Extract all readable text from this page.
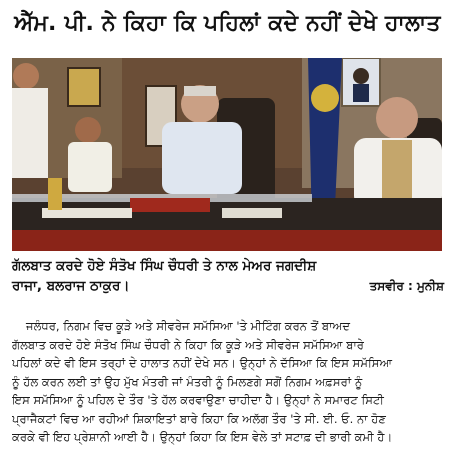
ਐੱਮ. ਪੀ. ਨੇ ਕਿਹਾ ਕਿ ਪਹਿਲਾਂ ਕਦੇ ਨਹੀਂ ਦੇਖੇ ਹਾਲਾਤ
ਗੱਲਬਾਤ ਕਰਦੇ ਹੋਏ ਸੰਤੋਖ ਸਿੰਘ ਚੌਧਰੀ ਤੇ ਨਾਲ ਮੇਅਰ ਜਗਦੀਸ਼
ਰਾਜਾ, ਬਲਰਾਜ ਠਾਕੁਰ।	ਤਸਵੀਰ : ਮੁਨੀਸ਼
ਜਲੰਧਰ, ਨਿਗਮ ਵਿਚ ਕੂੜੇ ਅਤੇ ਸੀਵਰੇਜ ਸਮੱਸਿਆ 'ਤੇ ਮੀਟਿੰਗ ਕਰਨ ਤੋਂ ਬਾਅਦ
ਗੱਲਬਾਤ ਕਰਦੇ ਹੋਏ ਸੰਤੋਖ ਸਿੰਘ ਚੌਧਰੀ ਨੇ ਕਿਹਾ ਕਿ ਕੂੜੇ ਅਤੇ ਸੀਵਰੇਜ ਸਮੱਸਿਆ ਬਾਰੇ
ਪਹਿਲਾਂ ਕਦੇ ਵੀ ਇਸ ਤਰ੍ਹਾਂ ਦੇ ਹਾਲਾਤ ਨਹੀਂ ਦੇਖੇ ਸਨ। ਉਨ੍ਹਾਂ ਨੇ ਦੱਸਿਆ ਕਿ ਇਸ ਸਮੱਸਿਆ
ਨੂੰ ਹੱਲ ਕਰਨ ਲਈ ਤਾਂ ਉਹ ਮੁੱਖ ਮੰਤਰੀ ਜਾਂ ਮੰਤਰੀ ਨੂੰ ਮਿਲਣਗੇ ਸਗੋਂ ਨਿਗਮ ਅਫ਼ਸਰਾਂ ਨੂੰ
ਇਸ ਸਮੱਸਿਆ ਨੂੰ ਪਹਿਲ ਦੇ ਤੌਰ 'ਤੇ ਹੱਲ ਕਰਵਾਉਣਾ ਚਾਹੀਦਾ ਹੈ। ਉਨ੍ਹਾਂ ਨੇ ਸਮਾਰਟ ਸਿਟੀ
ਪ੍ਰਾਜੈਕਟਾਂ ਵਿਚ ਆ ਰਹੀਆਂ ਸ਼ਿਕਾਇਤਾਂ ਬਾਰੇ ਕਿਹਾ ਕਿ ਅਲੱਗ ਤੌਰ 'ਤੇ ਸੀ. ਈ. ਓ. ਨਾ ਹੋਣ
ਕਰਕੇ ਵੀ ਇਹ ਪ੍ਰੇਸ਼ਾਨੀ ਆਈ ਹੈ। ਉਨ੍ਹਾਂ ਕਿਹਾ ਕਿ ਇਸ ਵੇਲੇ ਤਾਂ ਸਟਾਫ਼ ਦੀ ਭਾਰੀ ਕਮੀ ਹੈ।
